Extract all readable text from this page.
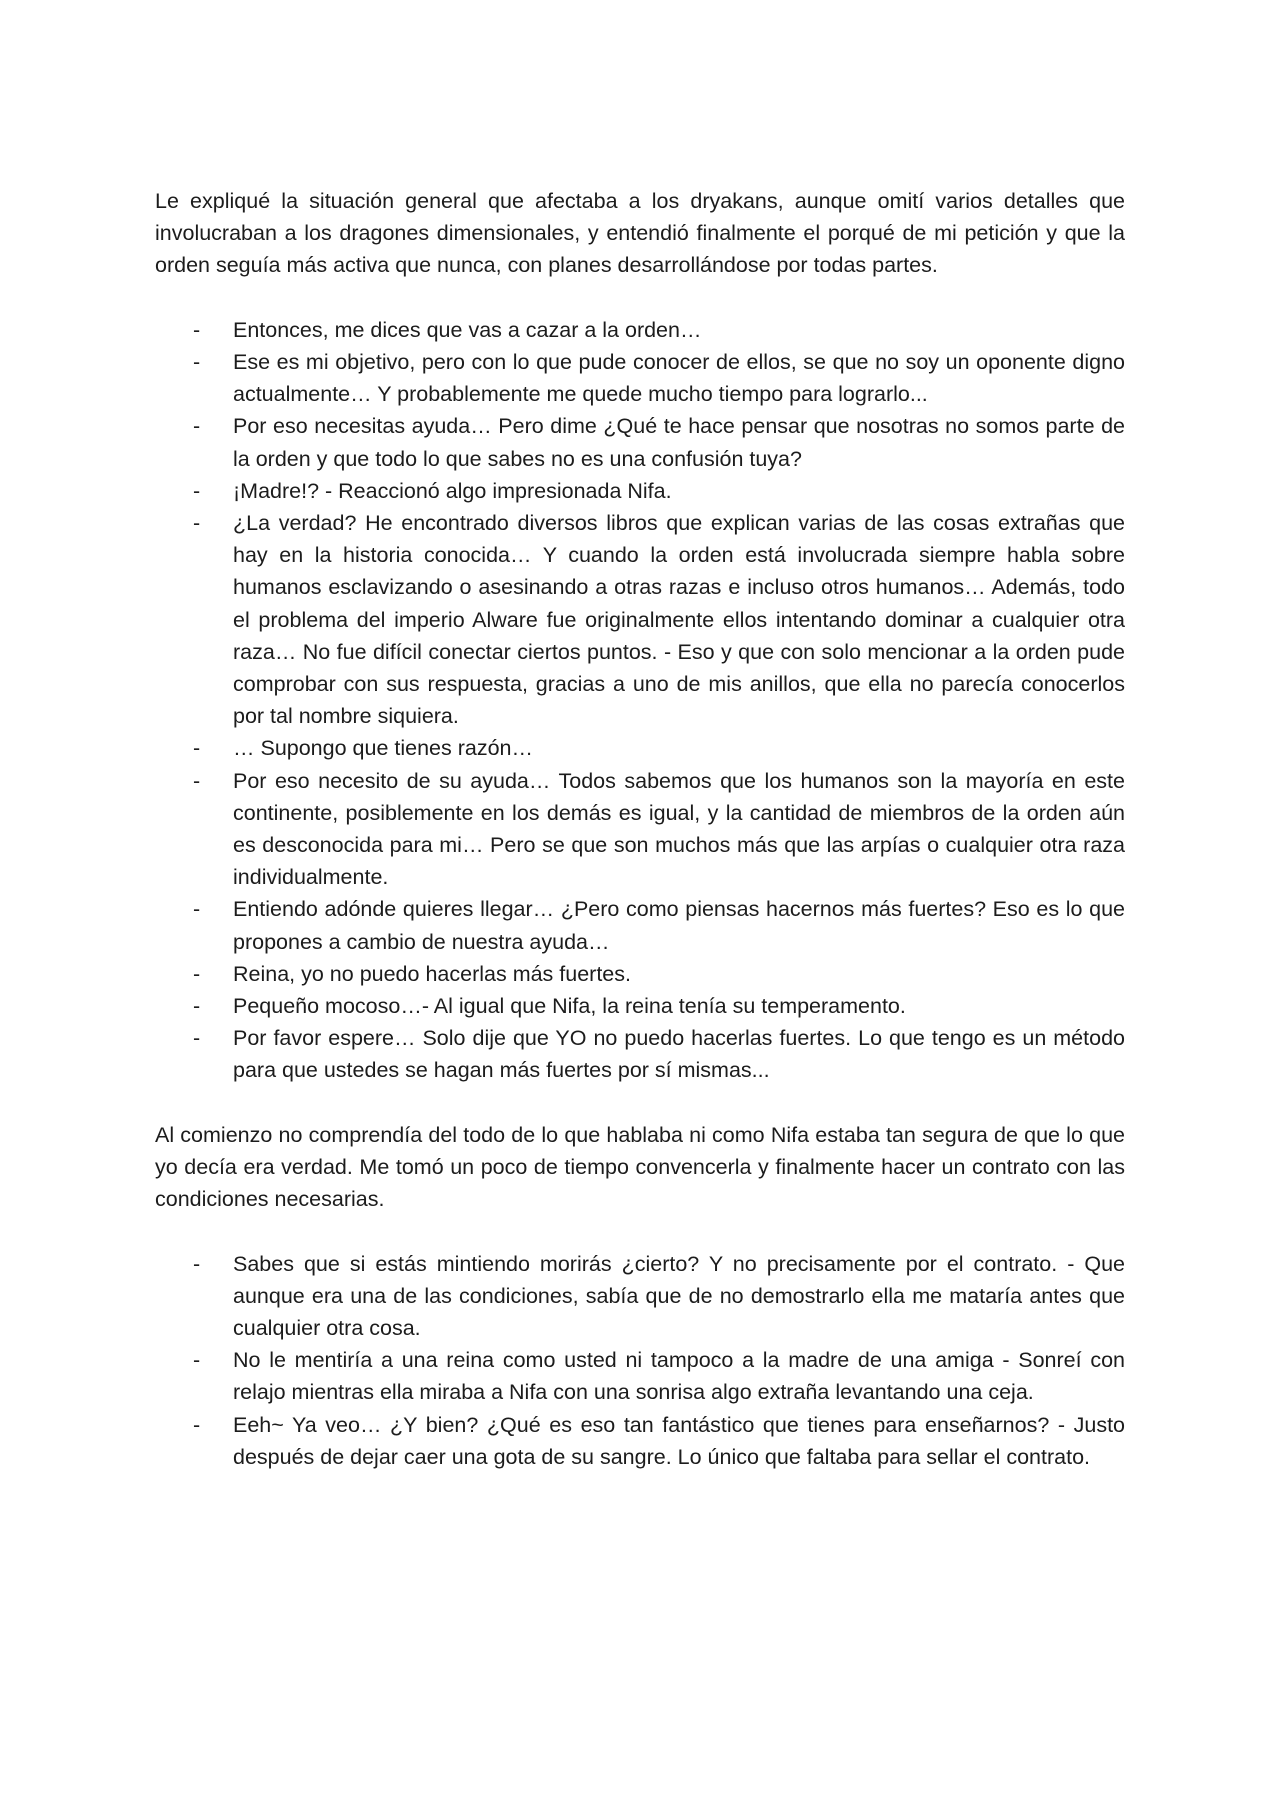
Le expliqué la situación general que afectaba a los dryakans, aunque omití varios detalles que involucraban a los dragones dimensionales, y entendió finalmente el porqué de mi petición y que la orden seguía más activa que nunca, con planes desarrollándose por todas partes.

- Entonces, me dices que vas a cazar a la orden…
- Ese es mi objetivo, pero con lo que pude conocer de ellos, se que no soy un oponente digno actualmente… Y probablemente me quede mucho tiempo para lograrlo...
- Por eso necesitas ayuda… Pero dime ¿Qué te hace pensar que nosotras no somos parte de la orden y que todo lo que sabes no es una confusión tuya?
- ¡Madre!? - Reaccionó algo impresionada Nifa.
- ¿La verdad? He encontrado diversos libros que explican varias de las cosas extrañas que hay en la historia conocida… Y cuando la orden está involucrada siempre habla sobre humanos esclavizando o asesinando a otras razas e incluso otros humanos… Además, todo el problema del imperio Alware fue originalmente ellos intentando dominar a cualquier otra raza… No fue difícil conectar ciertos puntos. - Eso y que con solo mencionar a la orden pude comprobar con sus respuesta, gracias a uno de mis anillos, que ella no parecía conocerlos por tal nombre siquiera.
- … Supongo que tienes razón…
- Por eso necesito de su ayuda… Todos sabemos que los humanos son la mayoría en este continente, posiblemente en los demás es igual, y la cantidad de miembros de la orden aún es desconocida para mi… Pero se que son muchos más que las arpías o cualquier otra raza individualmente.
- Entiendo adónde quieres llegar… ¿Pero como piensas hacernos más fuertes? Eso es lo que propones a cambio de nuestra ayuda…
- Reina, yo no puedo hacerlas más fuertes.
- Pequeño mocoso…- Al igual que Nifa, la reina tenía su temperamento.
- Por favor espere… Solo dije que YO no puedo hacerlas fuertes. Lo que tengo es un método para que ustedes se hagan más fuertes por sí mismas...

Al comienzo no comprendía del todo de lo que hablaba ni como Nifa estaba tan segura de que lo que yo decía era verdad. Me tomó un poco de tiempo convencerla y finalmente hacer un contrato con las condiciones necesarias.

- Sabes que si estás mintiendo morirás ¿cierto? Y no precisamente por el contrato. - Que aunque era una de las condiciones, sabía que de no demostrarlo ella me mataría antes que cualquier otra cosa.
- No le mentiría a una reina como usted ni tampoco a la madre de una amiga - Sonreí con relajo mientras ella miraba a Nifa con una sonrisa algo extraña levantando una ceja.
- Eeh~ Ya veo… ¿Y bien? ¿Qué es eso tan fantástico que tienes para enseñarnos? - Justo después de dejar caer una gota de su sangre. Lo único que faltaba para sellar el contrato.
